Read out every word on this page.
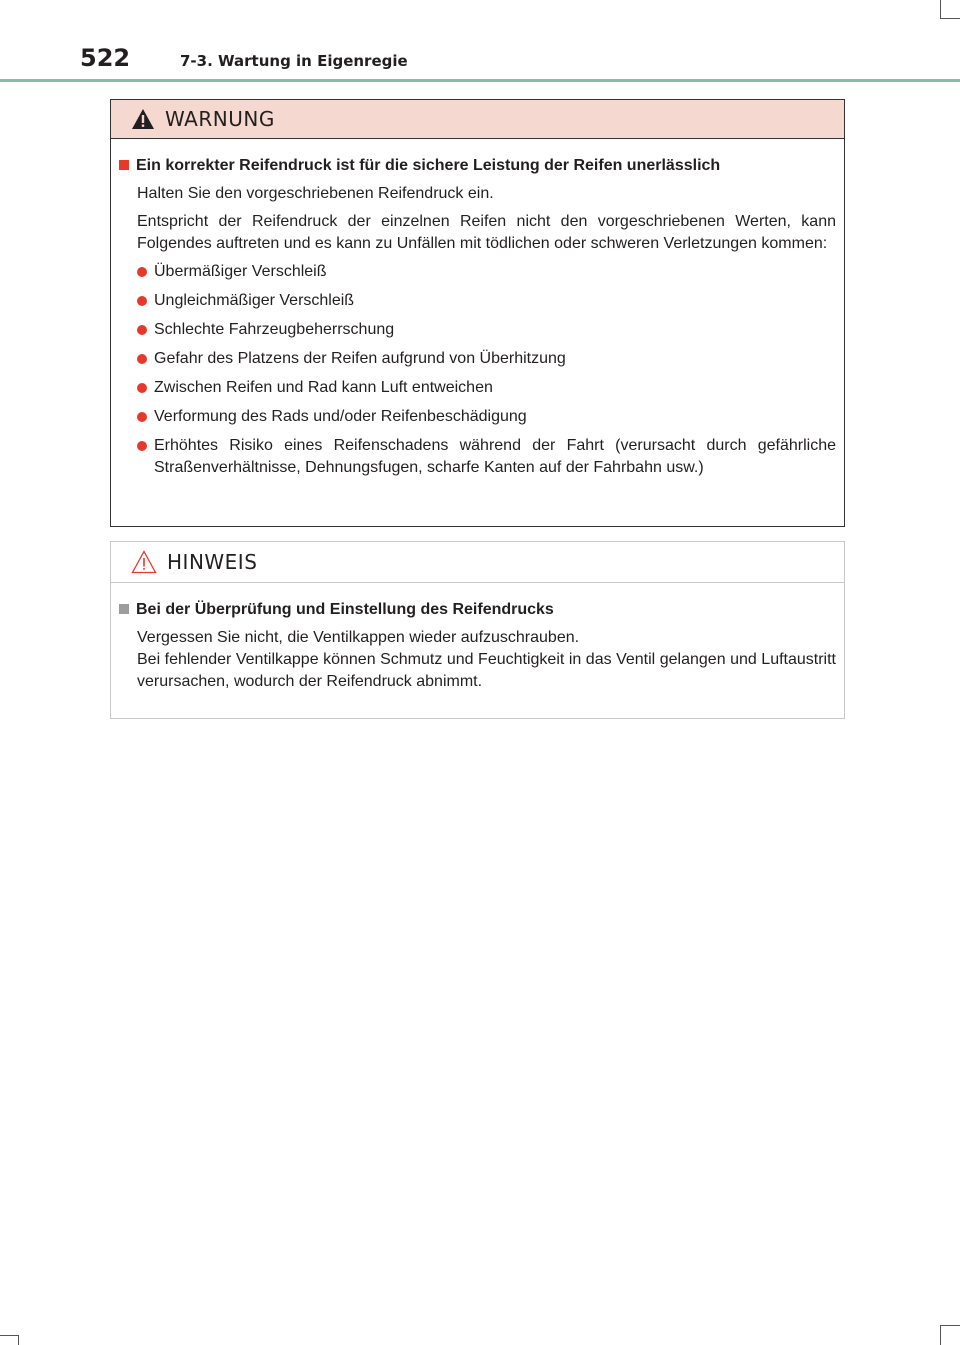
522	7-3. Wartung in Eigenregie
WARNUNG
Ein korrekter Reifendruck ist für die sichere Leistung der Reifen unerlässlich
Halten Sie den vorgeschriebenen Reifendruck ein.
Entspricht der Reifendruck der einzelnen Reifen nicht den vorgeschriebenen Werten, kann Folgendes auftreten und es kann zu Unfällen mit tödlichen oder schweren Verletzungen kommen:
Übermäßiger Verschleiß
Ungleichmäßiger Verschleiß
Schlechte Fahrzeugbeherrschung
Gefahr des Platzens der Reifen aufgrund von Überhitzung
Zwischen Reifen und Rad kann Luft entweichen
Verformung des Rads und/oder Reifenbeschädigung
Erhöhtes Risiko eines Reifenschadens während der Fahrt (verursacht durch gefährliche Straßenverhältnisse, Dehnungsfugen, scharfe Kanten auf der Fahrbahn usw.)
HINWEIS
Bei der Überprüfung und Einstellung des Reifendrucks
Vergessen Sie nicht, die Ventilkappen wieder aufzuschrauben.
Bei fehlender Ventilkappe können Schmutz und Feuchtigkeit in das Ventil gelangen und Luftaustritt verursachen, wodurch der Reifendruck abnimmt.
